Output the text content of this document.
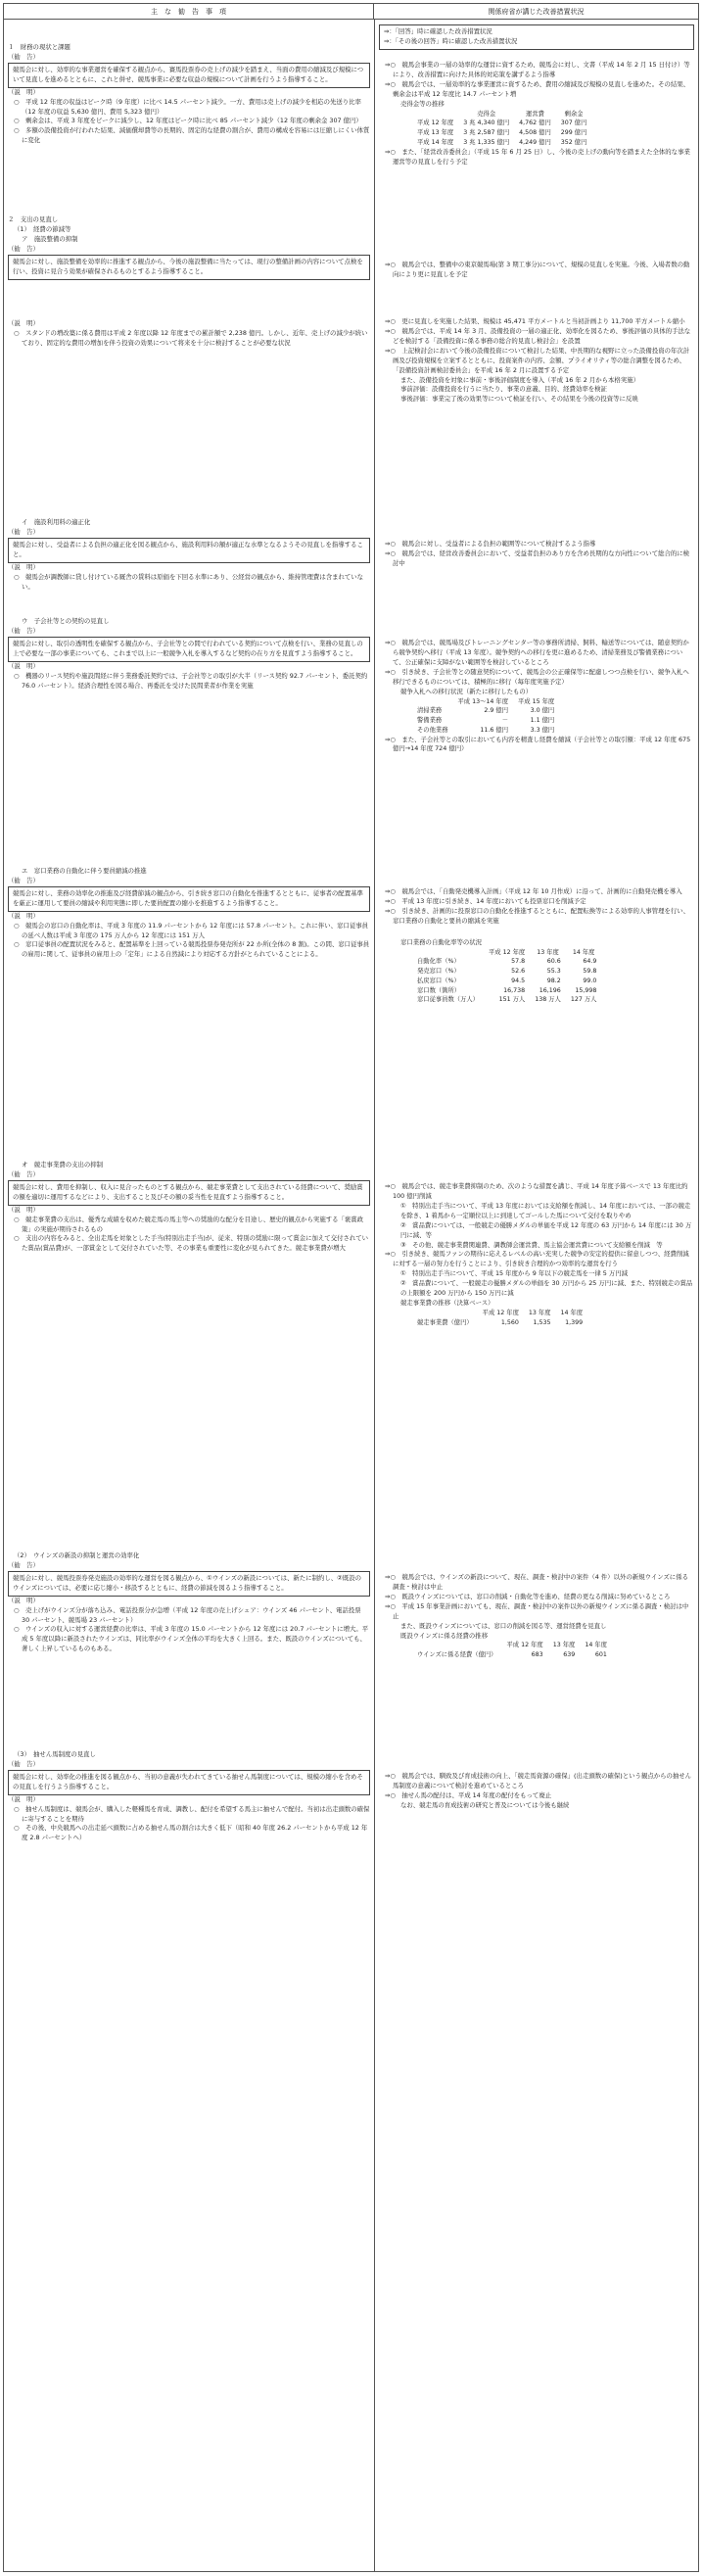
主　な　勧　告　事　項	関係府省が講じた改善措置状況
⇒：「回答」時に確認した改善措置状況
⇒：「その後の回答」時に確認した改善措置状況
１　財務の現状と課題
（勧　告）
競馬会に対し、効率的な事業運営を確保する観点から、賽馬投票券の売上げの減少を踏まえ、当面の費用の縮減及び規模について見直しを進めるとともに、これと併せ、競馬事業に必要な収益の規模について計画を行うよう指導すること。
（説　明）
○　平成 12 年度の収益はピーク時（9 年度）に比べ 14.5 パーセント減少。一方、費用は売上げの減少を相応の先送り比率（12 年度の収益 5,630 億円、費用 5,323 億円）
○　剰余金は、平成 3 年度をピークに減少し、12 年度はピーク時に比べ 85 パーセント減少（12 年度の剰余金 307 億円）
○　多額の設備投資が行われた結果、減価償却費等の長期的、固定的な経費の割合が、費用の構成を容易には圧縮しにくい体質に変化
⇒○　競馬会事業の一層の効率的な運営に資するため、競馬会に対し、文書（平成 14 年 2 月 15 日付け）等により、改善措置に向けた具体的対応策を講ずるよう指導
⇒○　競馬会では、一層効率的な事業運営に資するため、費用の縮減及び規模の見直しを進めた。その結果、剰余金は平成 12 年度比 14.7 パーセント増
売得金等の推移
	売得金	運営費	剰余金
平成 12 年度	3 兆 4,340 億円	4,762 億円	307 億円
平成 13 年度	3 兆 2,587 億円	4,508 億円	299 億円
平成 14 年度	3 兆 1,335 億円	4,249 億円	352 億円
⇒○　また、「経営改善委員会」（平成 15 年 6 月 25 日）し、今後の売上げの動向等を踏まえた全体的な事業運営等の見直しを行う予定
２　支出の見直し
（1）　経費の節減等
ア　施設整備の抑制
（勧　告）
競馬会に対し、施設整備を効率的に推進する観点から、今後の施設整備に当たっては、現行の整備計画の内容について点検を行い、投資に見合う効果が確保されるものとするよう指導すること。
（説　明）
○　スタンドの増改築に係る費用は平成 2 年度以降 12 年度までの累計額で 2,238 億円。しかし、近年、売上げの減少が続いており、固定的な費用の増加を伴う投資の効果について将来を十分に検討することが必要な状況
⇒○　競馬会では、整備中の東京競馬場(第 3 期工事分)について、規模の見直しを実施。今後、入場者数の動向により更に見直しを予定
⇒○　更に見直しを実施した結果、規模は 45,471 平方メートルと当初計画より 11,700 平方メートル縮小
⇒○　競馬会では、平成 14 年 3 月、設備投資の一層の適正化、効率化を図るため、事後評価の具体的手法などを検討する「設備投資に係る事務の総合的見直し検討会」を設置
⇒○　上記検討会において今後の設備投資について検討した結果、中長期的な視野に立った設備投資の年次計画及び投資規模を立案するとともに、投資案件の内容、金額、プライオリティ等の総合調整を図るため、「設備投資計画検討委員会」を平成 16 年 2 月に設置する予定
また、設備投資を対象に事前・事後評価制度を導入（平成 16 年 2 月から本格実施）
事前評価：設備投資を行うに当たり、事業の意義、目的、経費効率を検証
事後評価：事業完了後の効果等について検証を行い、その結果を今後の投資等に反映
イ　施設利用料の適正化
（勧　告）
競馬会に対し、受益者による負担の適正化を図る観点から、施設利用料の額が適正な水準となるようその見直しを指導すること。
（説　明）
○　競馬会が調教師に貸し付けている厩舎の賃料は原価を下回る水準にあり、公経営の観点から、維持管理費は含まれていない。
⇒○　競馬会に対し、受益者による負担の範囲等について検討するよう指導
⇒○　競馬会では、経営改善委員会において、受益者負担のあり方を含め長期的な方向性について総合的に検討中
ウ　子会社等との契約の見直し
（勧　告）
競馬会に対し、取引の透明性を確保する観点から、子会社等との間で行われている契約について点検を行い、業務の見直しの上で必要な一部の事業についても、これまで以上に一般競争入札を導入するなど契約の在り方を見直すよう指導すること。
（説　明）
○　機器のリース契約や施設間経に伴う業務委託契約では、子会社等との取引が大半（リース契約 92.7 パーセント、委託契約 76.0 パーセント）。経済合理性を図る場合、再委託を受けた民間業者が作業を実施
⇒○　競馬会では、競馬場及びトレーニングセンター等の事務所清掃、飼料、輸送等については、随意契約から競争契約へ移行（平成 13 年度）。競争契約への移行を更に進めるため、清掃業務及び警備業務について、公正確保に支障がない範囲等を検討しているところ
⇒○　引き続き、子会社等との随意契約について、競馬会の公正確保等に配慮しつつ点検を行い、競争入札へ移行できるものについては、積極的に移行（毎年度実施予定）
競争入札への移行状況（新たに移行したもの）
	平成 13～14 年度	平成 15 年度
清掃業務	2.9 億円	3.0 億円
警備業務	－	1.1 億円
その他業務	11.6 億円	3.3 億円
⇒○　また、子会社等との取引においても内容を精査し経費を縮減（子会社等との取引額：平成 12 年度 675 億円→14 年度 724 億円）
エ　窓口業務の自動化に伴う要員縮減の推進
（勧　告）
競馬会に対し、業務の効率化の推進及び経費節減の観点から、引き続き窓口の自動化を推進するとともに、従事者の配置基準を厳正に運用して要員の縮減や利用実態に即した要員配置の縮小を推進するよう指導すること。
（説　明）
○　競馬会の窓口の自動化率は、平成 3 年度の 11.9 パーセントから 12 年度には 57.8 パーセント。これに伴い、窓口従事員の延べ人数は平成 3 年度の 175 万人から 12 年度には 151 万人
○　窓口従事員の配置状況をみると、配置基準を上回っている競馬投票券発売所が 22 か所(全体の 8 割)。この間、窓口従事員の雇用に関して、従事員の雇用上の「定年」による自然減により対応する方針がとられていることによる。
⇒○　競馬会では、「自動発売機導入計画」（平成 12 年 10 月作成）に沿って、計画的に自動発売機を導入
⇒○　平成 13 年度に引き続き、14 年度においても投票窓口を削減予定
⇒○　引き続き、計画的に投票窓口の自動化を推進するとともに、配置転換等による効率的人事管理を行い、窓口業務の自動化と要員の縮減を実施
窓口業務の自動化率等の状況
	平成 12 年度	13 年度	14 年度
自動化率（%）	57.8	60.6	64.9
発売窓口（%）	52.6	55.3	59.8
払戻窓口（%）	94.5	98.2	99.0
窓口数（箇所）	16,738	16,196	15,998
窓口従事員数（万人）	151 万人	138 万人	127 万人
オ　競走事業費の支出の抑制
（勧　告）
競馬会に対し、費用を抑制し、収入に見合ったものとする観点から、競走事業費として支出されている経費について、奨励賞の額を適切に運用するなどにより、支出すること及びその額の妥当性を見直すよう指導すること。
（説　明）
○　競走事業費の支出は、優秀な成績を収めた競走馬の馬主等への奨励的な配分を目途し、歴史的観点から実施する「褒賞政策」の実施が期待されるもの
○　支出の内容をみると、全出走馬を対象とした手当(特別出走手当)が、従来、特別の奨励に限って賞金に加えて交付されていた賞品(賞品費)が、一部賞金として交付されていた等、その事業も重要性に変化が見られてきた。競走事業費が増大
⇒○　競馬会では、競走事業費抑制のため、次のような措置を講じ、平成 14 年度予算ベースで 13 年度比約 100 億円削減
①　特別出走手当について、平成 13 年度においては支給額を削減し、14 年度においては、一部の競走を除き、1 着馬から一定順位以上に到達してゴールした馬について交付を取りやめ
②　賞品費については、一般競走の優勝メダルの単価を平成 12 年度の 63 万円から 14 年度には 30 万円に減、等
③　その他、競走事業費関連費、調教師会運営費、馬主協会運営費について支給額を削減　等
⇒○　引き続き、競馬ファンの期待に応えるレベルの高い充実した競争の安定的提供に留意しつつ、経費削減に対する一層の努力を行うことにより、引き続き合理的かつ効率的な運営を行う
①　特別出走手当について、平成 15 年度から 9 年以下の競走馬を一律 5 万円減
②　賞品費について、一般競走の優勝メダルの単価を 30 万円から 25 万円に減、また、特別競走の賞品の上限額を 200 万円から 150 万円に減
競走事業費の推移（決算ベース）
	平成 12 年度	13 年度	14 年度
競走事業費（億円）	1,560	1,535	1,399
（2）　ウインズの新設の抑制と運営の効率化
（勧　告）
競馬会に対し、競馬投票券発売施設の効率的な運営を図る観点から、①ウインズの新設については、新たに制約し、②既設のウインズについては、必要に応じ縮小・移設するとともに、経費の節減を図るよう指導すること。
（説　明）
○　売上げがウインズ分が落ち込み、電話投票分が急増（平成 12 年度の売上げシェア：ウインズ 46 パーセント、電話投票 30 パーセント、競馬場 23 パーセント）
○　ウインズの収入に対する運営経費の比率は、平成 3 年度の 15.0 パーセントから 12 年度には 20.7 パーセントに増大。平成 5 年度以降に新設されたウインズは、同比率がウインズ全体の平均を大きく上回る。また、既設のウインズについても、著しく上昇しているものもある。
⇒○　競馬会では、ウインズの新設について、現在、調査・検討中の案件（4 件）以外の新規ウインズに係る調査・検討は中止
⇒○　既設ウインズについては、窓口の削減・自動化等を進め、経費の更なる削減に努めているところ
⇒○　平成 15 年事業計画においても、現在、調査・検討中の案件以外の新規ウインズに係る調査・検討は中止
また、既設ウインズについては、窓口の削減を図る等、運営経費を見直し
既設ウインズに係る経費の推移
	平成 12 年度	13 年度	14 年度
ウインズに係る経費（億円）	683	639	601
（3）　抽せん馬制度の見直し
（勧　告）
競馬会に対し、効率化の推進を図る観点から、当初の意義が失われてきている抽せん馬制度については、規模の縮小を含めその見直しを行うよう指導すること。
（説　明）
○　抽せん馬制度は、競馬会が、購入した軽種馬を育成、調教し、配付を希望する馬主に抽せんで配付。当初は出走頭数の確保に寄与することを期待
○　その後、中央競馬への出走延べ頭数に占める抽せん馬の割合は大きく低下（昭和 40 年度 26.2 パーセントから平成 12 年度 2.8 パーセントへ）
⇒○　競馬会では、馴致及び育成技術の向上、「競走馬資源の確保」(出走頭数の確保)という観点からの抽せん馬制度の意義について検討を進めているところ
⇒○　抽せん馬の配付は、平成 14 年度の配付をもって廃止
なお、競走馬の育成技術の研究と普及については今後も継続
